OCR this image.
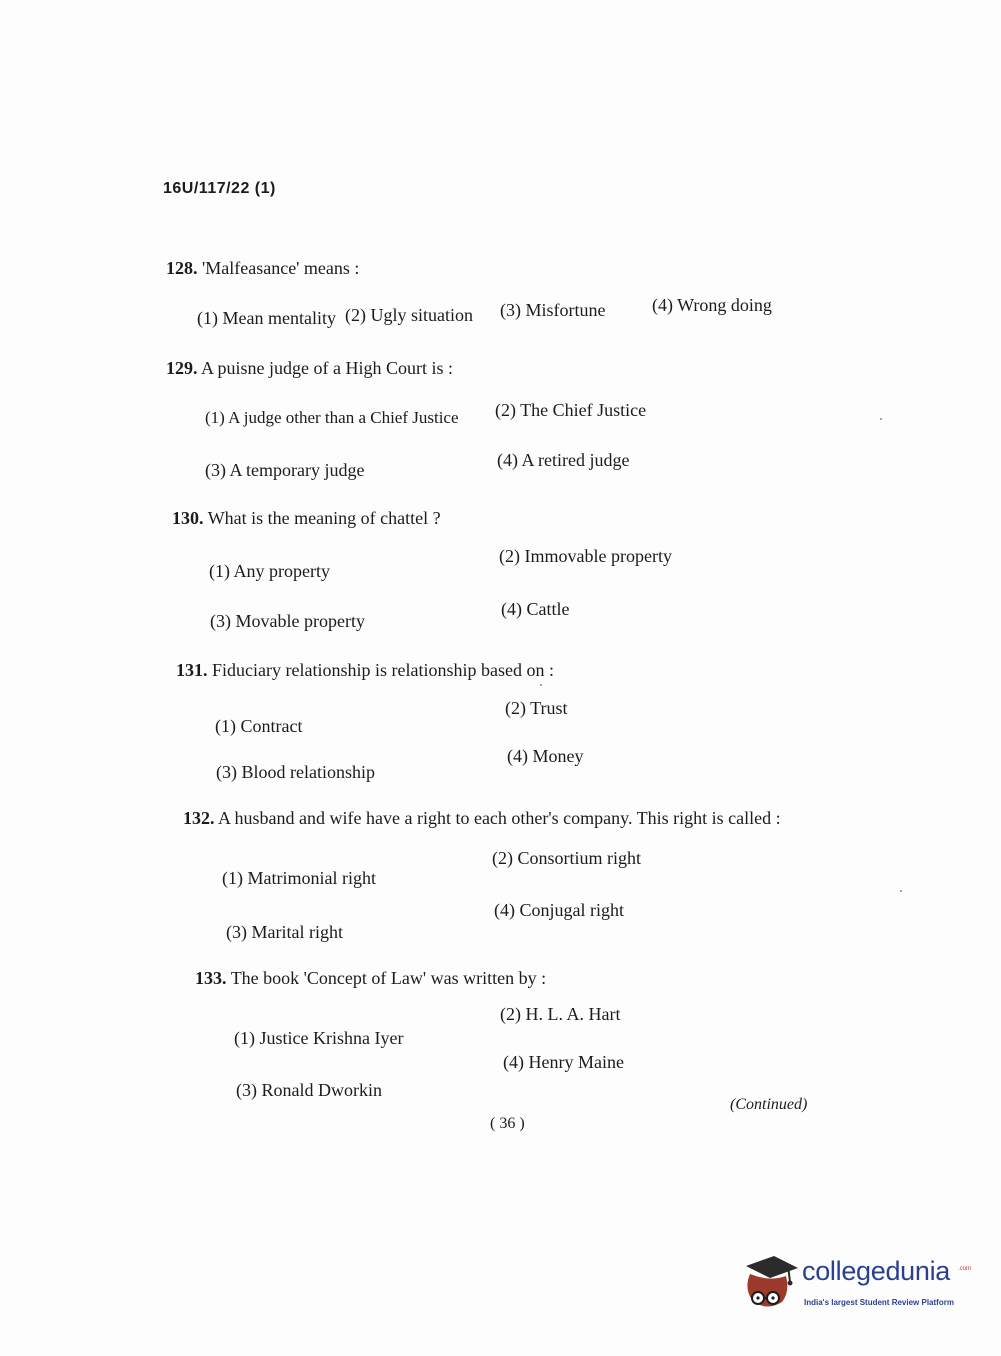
16U/117/22 (1)
128. 'Malfeasance' means :
(1) Mean mentality (2) Ugly situation (3) Misfortune	(4) Wrong doing
129. A puisne judge of a High Court is :
(1) A judge other than a Chief Justice (2) The Chief Justice
(3) A temporary judge	(4) A retired judge
130. What is the meaning of chattel ?
(1) Any property
(2) Immovable property
(3) Movable property
(4) Cattle
131. Fiduciary relationship is relationship based on :
(1) Contract
(2) Trust
(3) Blood relationship
(4) Money
132. A husband and wife have a right to each other's company. This right is called :
(1) Matrimonial right
(2) Consortium right
(3) Marital right
(4) Conjugal right
133. The book 'Concept of Law' was written by :
(1) Justice Krishna Iyer
(2) H. L. A. Hart
(3) Ronald Dworkin
(4) Henry Maine
(Continued)
( 36 )
collegedunia .com
India's largest Student Review Platform
